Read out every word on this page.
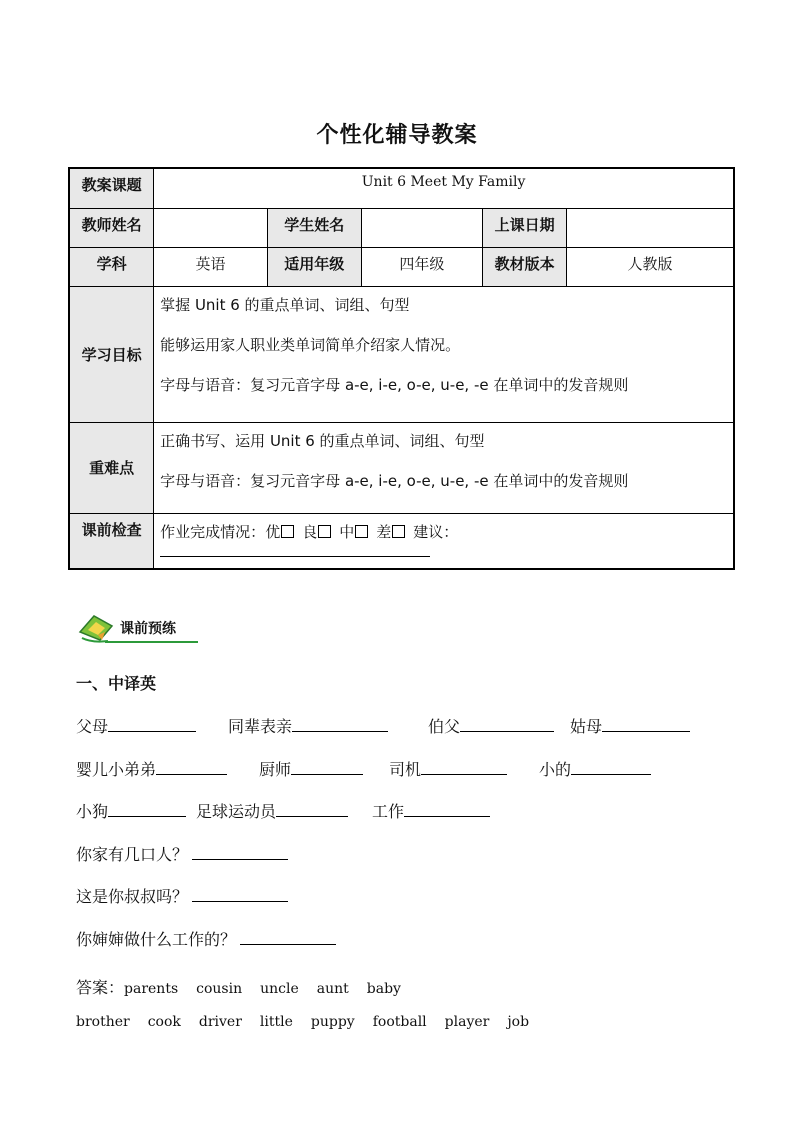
个性化辅导教案
教案课题	Unit 6 Meet My Family				
教师姓名		学生姓名		上课日期	
学科	英语	适用年级	四年级	教材版本	人教版
学习目标	掌握 Unit 6 的重点单词、词组、句型
能够运用家人职业类单词简单介绍家人情况。
字母与语音：复习元音字母 a-e, i-e, o-e, u-e, -e 在单词中的发音规则				

重难点	正确书写、运用 Unit 6 的重点单词、词组、句型
字母与语音：复习元音字母 a-e, i-e, o-e, u-e, -e 在单词中的发音规则				

课前检查	作业完成情况：优 良 中 差 建议：				
课前预练
一、中译英
父母	同辈表亲	伯父	姑母
婴儿小弟弟	厨师	司机	小的
小狗	足球运动员	工作
你家有几口人？
这是你叔叔吗？
你婶婶做什么工作的？
答案：parents cousin uncle aunt baby brother cook driver little puppy football player job
